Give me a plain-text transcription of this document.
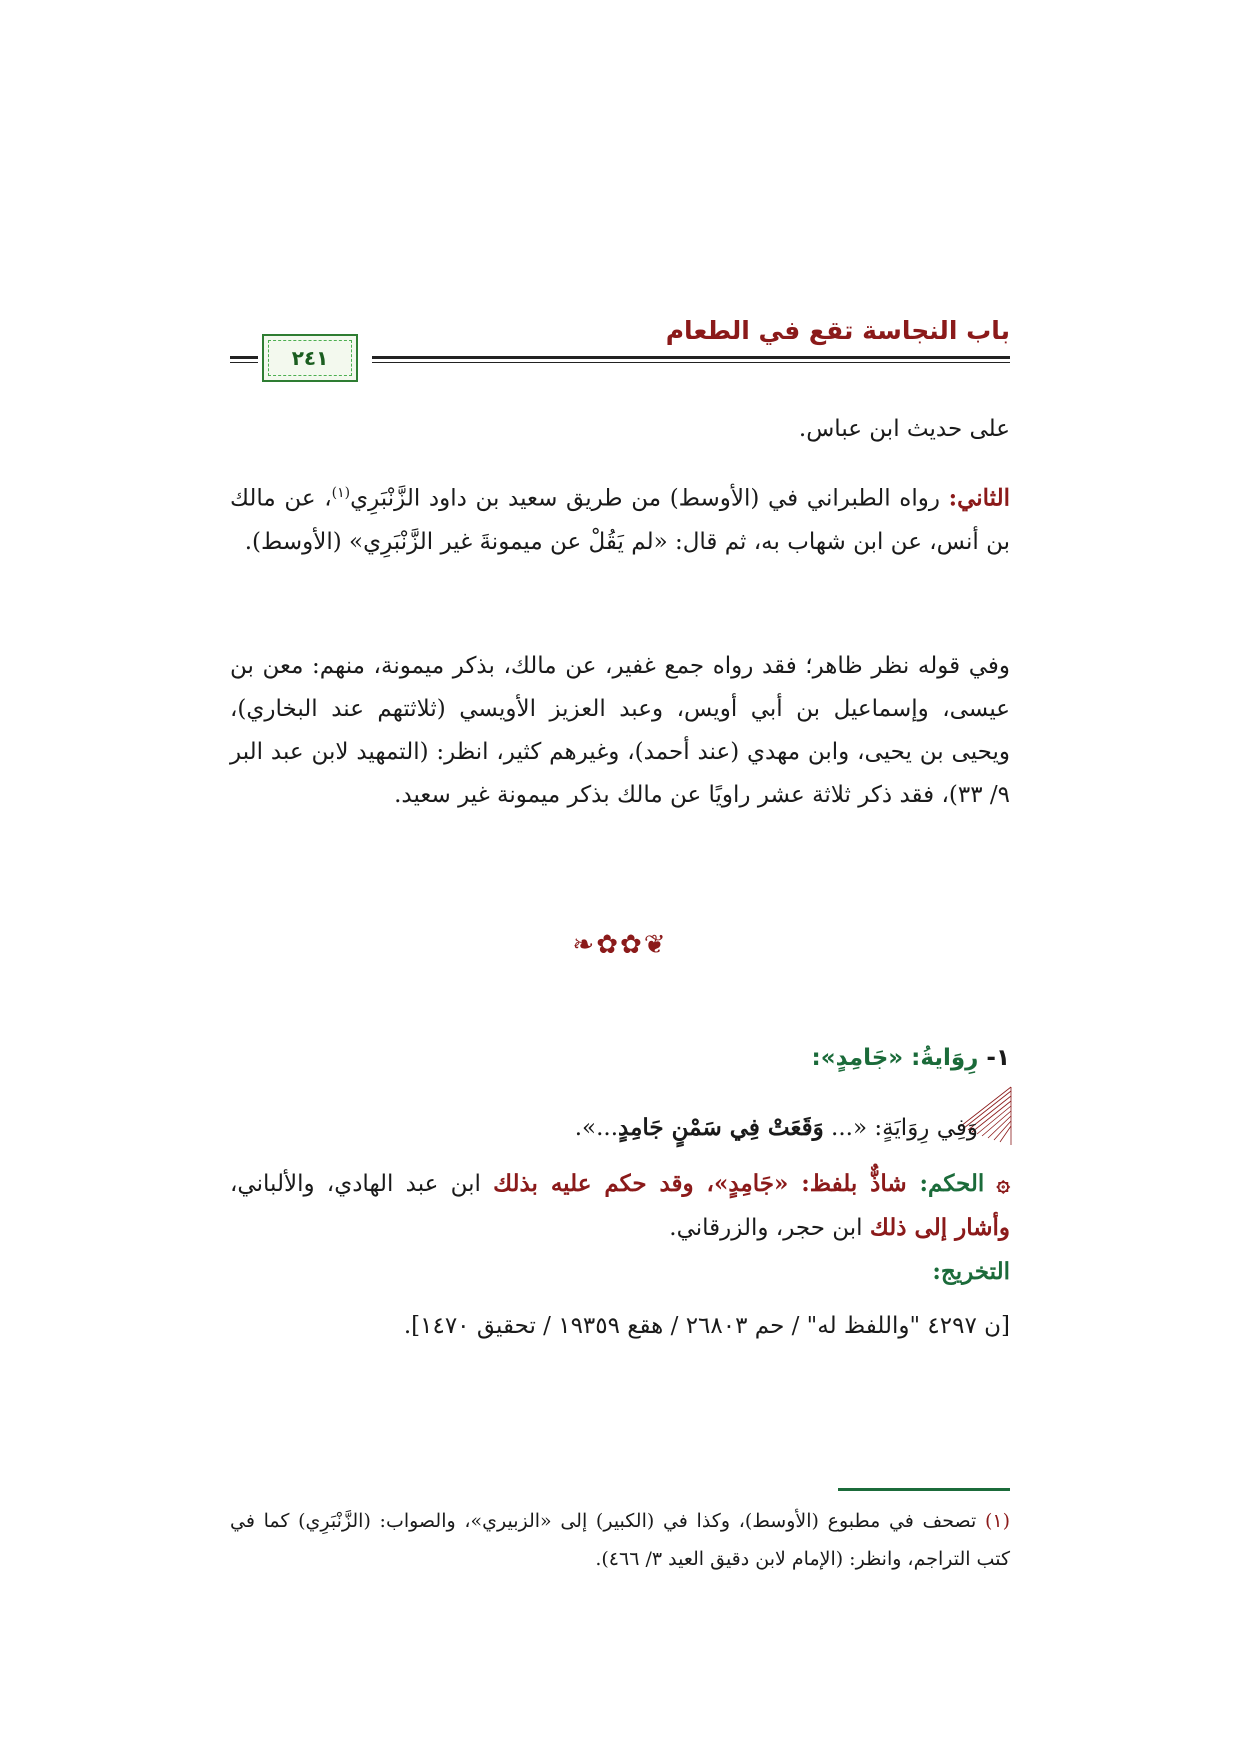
باب النجاسة تقع في الطعام
٢٤١
على حديث ابن عباس.
الثاني: رواه الطبراني في (الأوسط) من طريق سعيد بن داود الزَّنْبَرِي$^{(١)}$، عن مالك بن أنس، عن ابن شهاب به، ثم قال: «لم يَقُلْ عن ميمونةَ غير الزَّنْبَرِي» (الأوسط).
وفي قوله نظر ظاهر؛ فقد رواه جمع غفير، عن مالك، بذكر ميمونة، منهم: معن بن عيسى، وإسماعيل بن أبي أويس، وعبد العزيز الأويسي (ثلاثتهم عند البخاري)، ويحيى بن يحيى، وابن مهدي (عند أحمد)، وغيرهم كثير، انظر: (التمهيد لابن عبد البر ٩/ ٣٣)، فقد ذكر ثلاثة عشر راويًا عن مالك بذكر ميمونة غير سعيد.
❦✿✿❧
١- رِوَايةُ: «جَامِدٍ»:
وَفِي رِوَايَةٍ: «... وَقَعَتْ فِي سَمْنٍ جَامِدٍ...».
۞ الحكم: شاذٌّ بلفظ: «جَامِدٍ»، وقد حكم عليه بذلك ابن عبد الهادي، والألباني، وأشار إلى ذلك ابن حجر، والزرقاني.
التخريج:
[ن ٤٢٩٧ "واللفظ له" / حم ٢٦٨٠٣ / هقع ١٩٣٥٩ / تحقيق ١٤٧٠].
(١) تصحف في مطبوع (الأوسط)، وكذا في (الكبير) إلى «الزبيري»، والصواب: (الزَّنْبَرِي) كما في كتب التراجم، وانظر: (الإمام لابن دقيق العيد ٣/ ٤٦٦).
